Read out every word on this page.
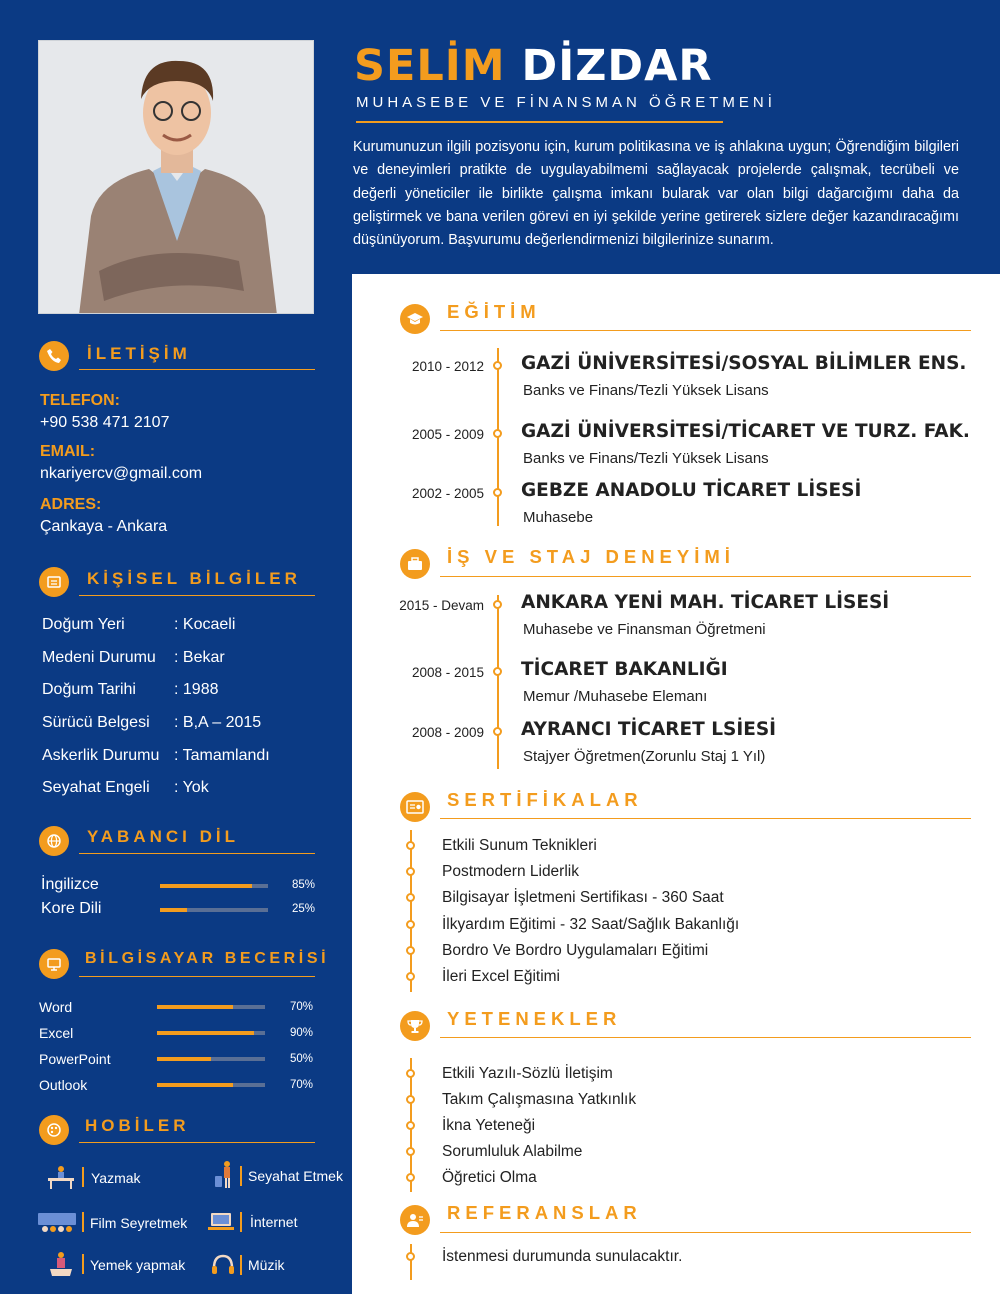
SELİM DİZDAR
MUHASEBE VE FİNANSMAN ÖĞRETMENİ
Kurumunuzun ilgili pozisyonu için, kurum politikasına ve iş ahlakına uygun; Öğrendiğim bilgileri ve deneyimleri pratikte de uygulayabilmemi sağlayacak projelerde çalışmak, tecrübeli ve değerli yöneticiler ile birlikte çalışma imkanı bularak var olan bilgi dağarcığımı daha da geliştirmek ve bana verilen görevi en iyi şekilde yerine getirerek sizlere değer kazandıracağımı düşünüyorum. Başvurumu değerlendirmenizi bilgilerinize sunarım.
İLETİŞİM
TELEFON:
+90 538 471 2107
EMAIL:
nkariyercv@gmail.com
ADRES:
Çankaya - Ankara
KİŞİSEL BİLGİLER
Doğum Yeri	: Kocaeli
Medeni Durumu : Bekar
Doğum Tarihi : 1988
Sürücü Belgesi : B,A – 2015
Askerlik Durumu : Tamamlandı
Seyahat Engeli : Yok
YABANCI DİL
İngilizce	85%
Kore Dili	25%
BİLGİSAYAR BECERİSİ
Word	70%
Excel	90%
PowerPoint	50%
Outlook	70%
HOBİLER
Yazmak	Seyahat Etmek
Film Seyretmek	İnternet
Yemek yapmak	Müzik
EĞİTİM
2010 - 2012 GAZİ ÜNİVERSİTESİ/SOSYAL BİLİMLER ENS.
Banks ve Finans/Tezli Yüksek Lisans
2005 - 2009 GAZİ ÜNİVERSİTESİ/TİCARET VE TURZ. FAK.
Banks ve Finans/Tezli Yüksek Lisans
2002 - 2005 GEBZE ANADOLU TİCARET LİSESİ
Muhasebe
İŞ VE STAJ DENEYİMİ
2015 - Devam ANKARA YENİ MAH. TİCARET LİSESİ
Muhasebe ve Finansman Öğretmeni
2008 - 2015 TİCARET BAKANLIĞI
Memur /Muhasebe Elemanı
2008 - 2009 AYRANCI TİCARET LSİESİ
Stajyer Öğretmen(Zorunlu Staj 1 Yıl)
SERTİFİKALAR
Etkili Sunum Teknikleri
Postmodern Liderlik
Bilgisayar İşletmeni Sertifikası - 360 Saat
İlkyardım Eğitimi - 32 Saat/Sağlık Bakanlığı
Bordro Ve Bordro Uygulamaları Eğitimi
İleri Excel Eğitimi
YETENEKLER
Etkili Yazılı-Sözlü İletişim
Takım Çalışmasına Yatkınlık
İkna Yeteneği
Sorumluluk Alabilme
Öğretici Olma
REFERANSLAR
İstenmesi durumunda sunulacaktır.
